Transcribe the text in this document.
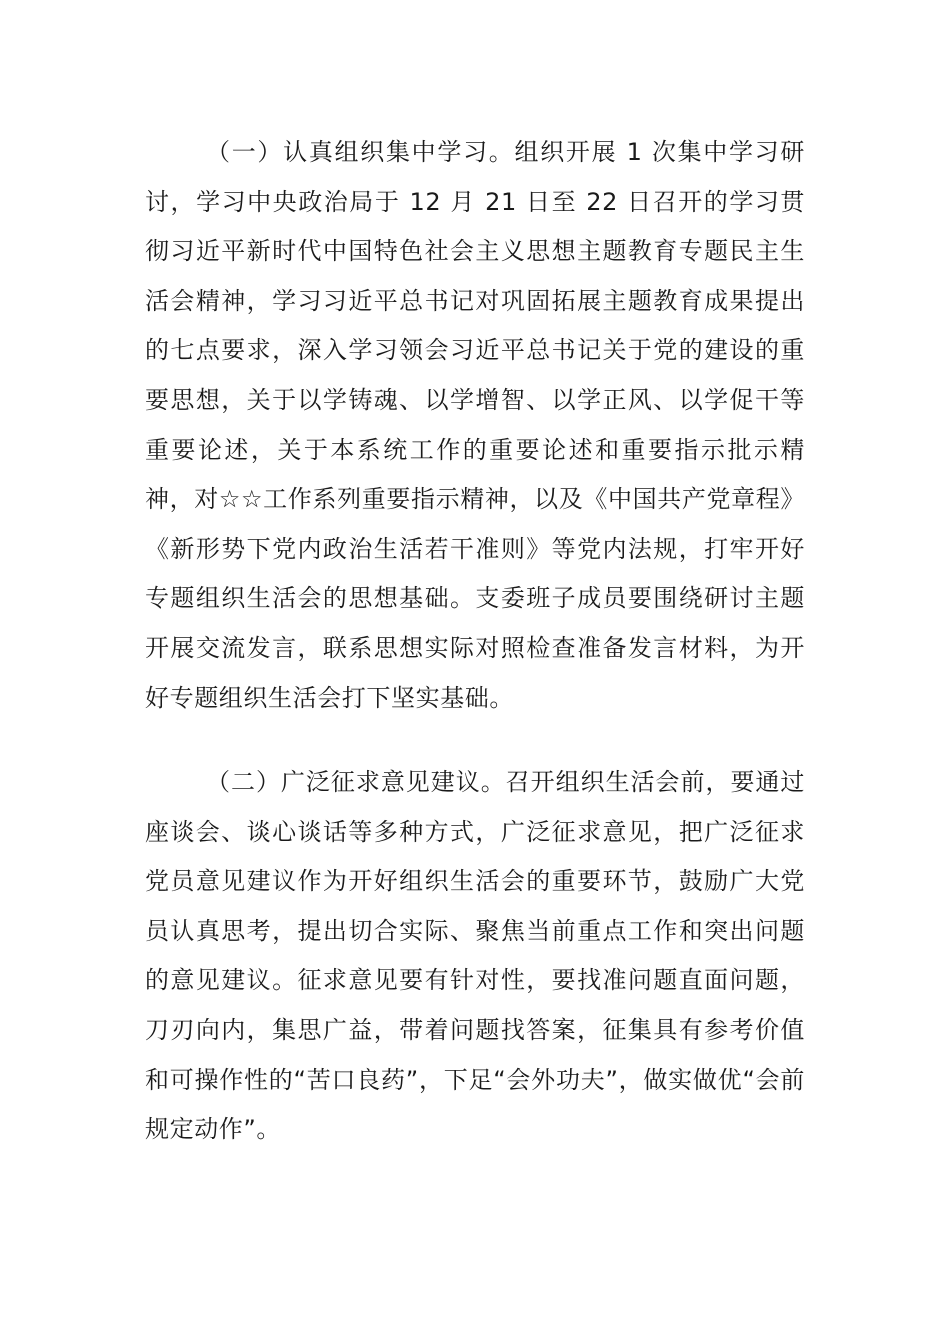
（一）认真组织集中学习。组织开展 1 次集中学习研讨，学习中央政治局于 12 月 21 日至 22 日召开的学习贯彻习近平新时代中国特色社会主义思想主题教育专题民主生活会精神，学习习近平总书记对巩固拓展主题教育成果提出的七点要求，深入学习领会习近平总书记关于党的建设的重要思想，关于以学铸魂、以学增智、以学正风、以学促干等重要论述，关于本系统工作的重要论述和重要指示批示精神，对☆☆工作系列重要指示精神，以及《中国共产党章程》《新形势下党内政治生活若干准则》等党内法规，打牢开好专题组织生活会的思想基础。支委班子成员要围绕研讨主题开展交流发言，联系思想实际对照检查准备发言材料，为开好专题组织生活会打下坚实基础。

（二）广泛征求意见建议。召开组织生活会前，要通过座谈会、谈心谈话等多种方式，广泛征求意见，把广泛征求党员意见建议作为开好组织生活会的重要环节，鼓励广大党员认真思考，提出切合实际、聚焦当前重点工作和突出问题的意见建议。征求意见要有针对性，要找准问题直面问题，刀刃向内，集思广益，带着问题找答案，征集具有参考价值和可操作性的“苦口良药”，下足“会外功夫”，做实做优“会前规定动作”。
